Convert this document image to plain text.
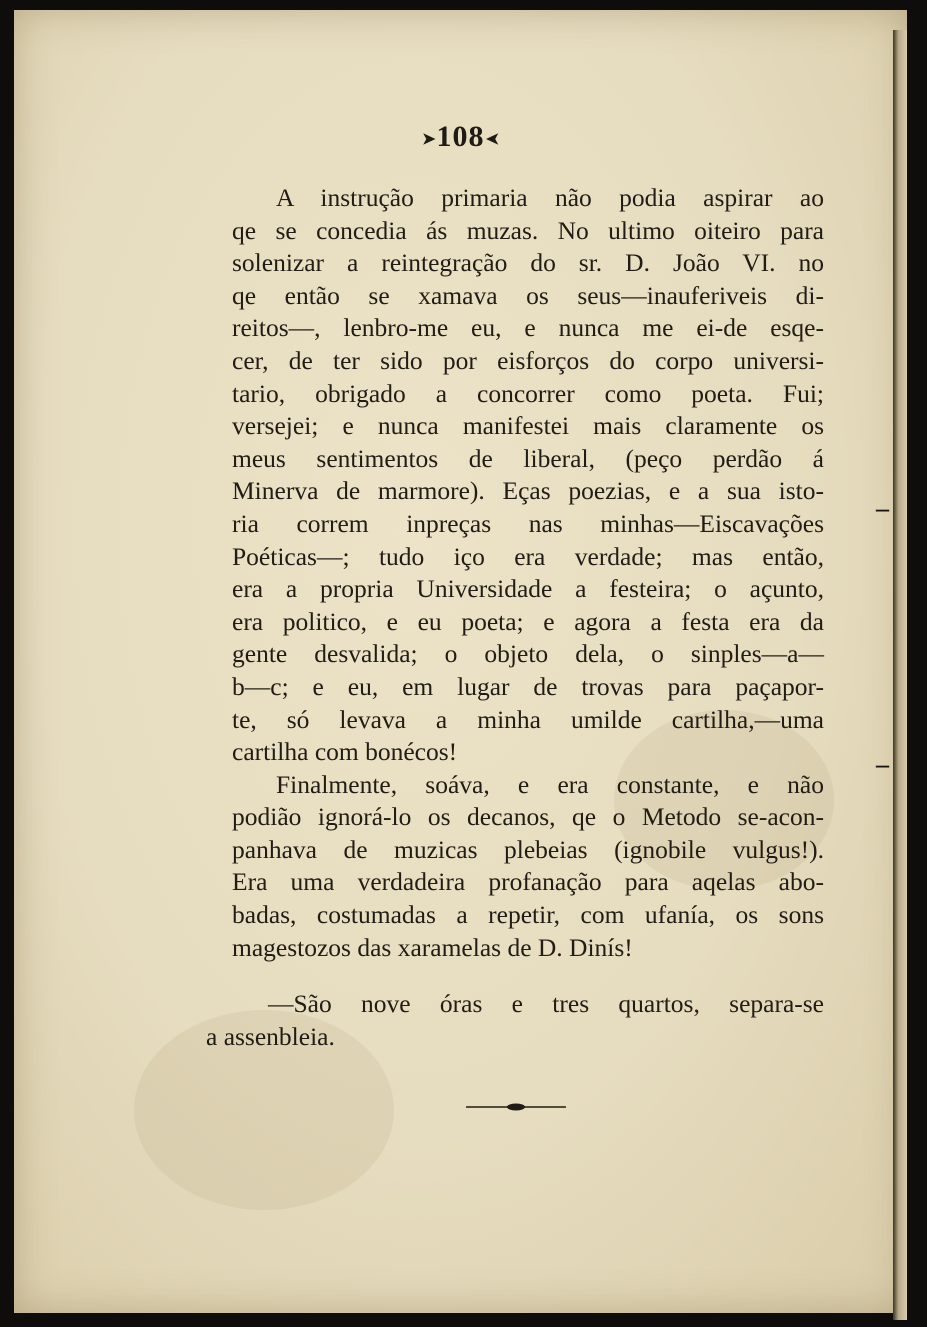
➤108➤
A instrução primaria não podia aspirar ao
qe se concedia ás muzas. No ultimo oiteiro para
solenizar a reintegração do sr. D. João VI. no
qe então se xamava os seus—inauferiveis di-
reitos—, lenbro-me eu, e nunca me ei-de esqe-
cer, de ter sido por eisforços do corpo universi-
tario, obrigado a concorrer como poeta. Fui;
versejei; e nunca manifestei mais claramente os
meus sentimentos de liberal, (peço perdão á
Minerva de marmore). Eças poezias, e a sua isto-
ria correm inpreças nas minhas—Eiscavações
Poéticas—; tudo iço era verdade; mas então,
era a propria Universidade a festeira; o açunto,
era politico, e eu poeta; e agora a festa era da
gente desvalida; o objeto dela, o sinples—a—
b—c; e eu, em lugar de trovas para paçapor-
te, só levava a minha umilde cartilha,—uma
cartilha com bonécos!
Finalmente, soáva, e era constante, e não
podião ignorá-lo os decanos, qe o Metodo se-acon-
panhava de muzicas plebeias (ignobile vulgus!).
Era uma verdadeira profanação para aqelas abo-
badas, costumadas a repetir, com ufanía, os sons
magestozos das xaramelas de D. Dinís!
—São nove óras e tres quartos, separa-se
a assenbleia.
–
–
